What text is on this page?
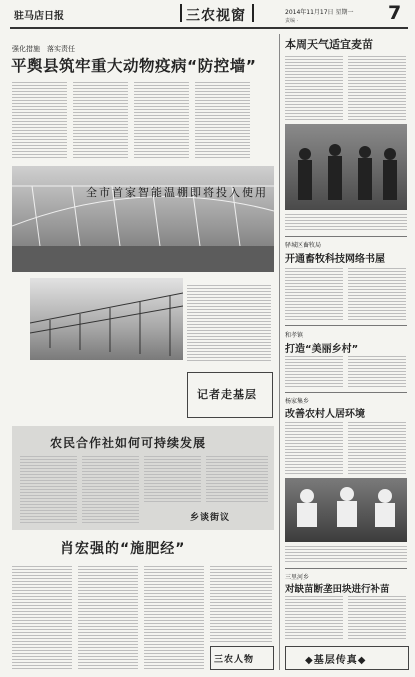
驻马店日报	三农视窗	2014年11月17日 星期一
责编 ·	7
强化措施　落实责任
平舆县筑牢重大动物疫病“防控墙”
全市首家智能温棚即将投入使用
记者走基层
农民合作社如何可持续发展
乡谈街议
肖宏强的“施肥经”
三农人物
本周天气适宜麦苗
驿城区畜牧局
开通畜牧科技网络书屋
和孝镇
打造“美丽乡村”
杨家集乡
改善农村人居环境
三里河乡
对缺苗断垄田块进行补苗
◆基层传真◆
